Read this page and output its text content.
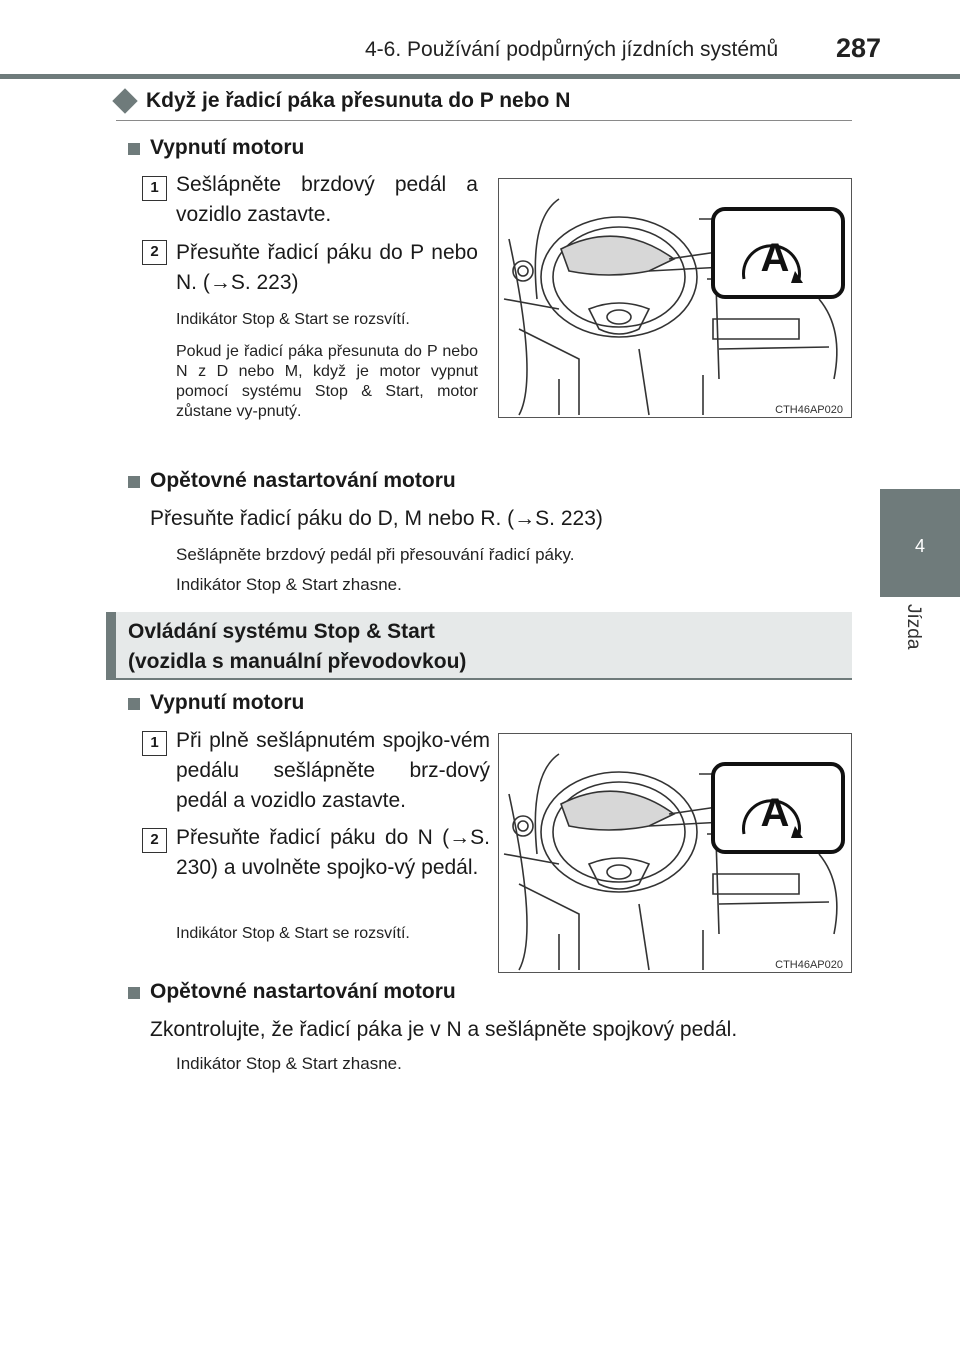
4-6. Používání podpůrných jízdních systémů 287
4
Jízda
Když je řadicí páka přesunuta do P nebo N
Vypnutí motoru
1 Sešlápněte brzdový pedál a vozidlo zastavte.
2 Přesuňte řadicí páku do P nebo N. (→S. 223)
Indikátor Stop & Start se rozsvítí.
Pokud je řadicí páka přesunuta do P nebo N z D nebo M, když je motor vypnut pomocí systému Stop & Start, motor zůstane vy-pnutý.
A
CTH46AP020
Opětovné nastartování motoru
Přesuňte řadicí páku do D, M nebo R. (→S. 223)
Sešlápněte brzdový pedál při přesouvání řadicí páky.
Indikátor Stop & Start zhasne.
Ovládání systému Stop & Start
(vozidla s manuální převodovkou)
Vypnutí motoru
1 Při plně sešlápnutém spojko-vém pedálu sešlápněte brz-dový pedál a vozidlo zastavte.
2 Přesuňte řadicí páku do N (→S. 230) a uvolněte spojko-vý pedál.
Indikátor Stop & Start se rozsvítí.
A
CTH46AP020
Opětovné nastartování motoru
Zkontrolujte, že řadicí páka je v N a sešlápněte spojkový pedál.
Indikátor Stop & Start zhasne.
